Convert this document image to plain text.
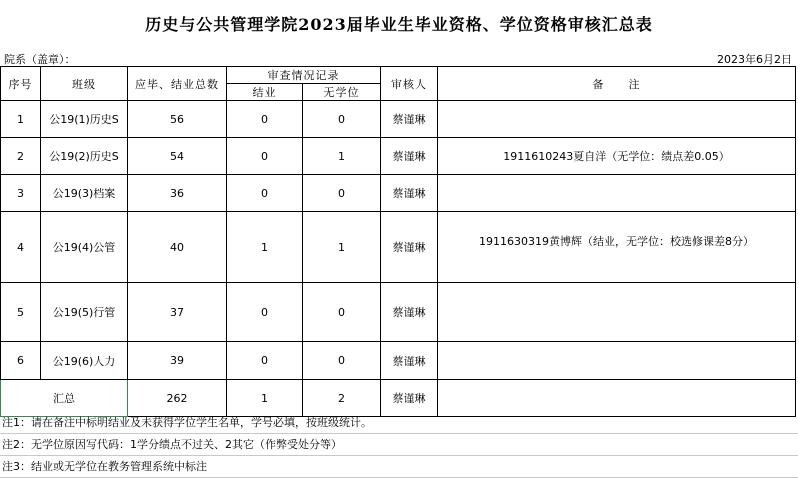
历史与公共管理学院2023届毕业生毕业资格、学位资格审核汇总表
院系（盖章）：	2023年6月2日
序号	班级	应毕、结业总数	审查情况记录		审核人	备　　注
			结业	无学位		
1	公19(1)历史S	56	0	0	蔡谨琳	
2	公19(2)历史S	54	0	1	蔡谨琳	1911610243夏自洋（无学位：绩点差0.05）
3	公19(3)档案	36	0	0	蔡谨琳	
4	公19(4)公管	40	1	1	蔡谨琳	1911630319黄博辉（结业，无学位：校选修课差8分）
5	公19(5)行管	37	0	0	蔡谨琳	
6	公19(6)人力	39	0	0	蔡谨琳	
汇总		262	1	2	蔡谨琳	
注1：请在备注中标明结业及未获得学位学生名单，学号必填，按班级统计。
注2：无学位原因写代码：1学分绩点不过关、2其它（作弊受处分等）
注3：结业或无学位在教务管理系统中标注
